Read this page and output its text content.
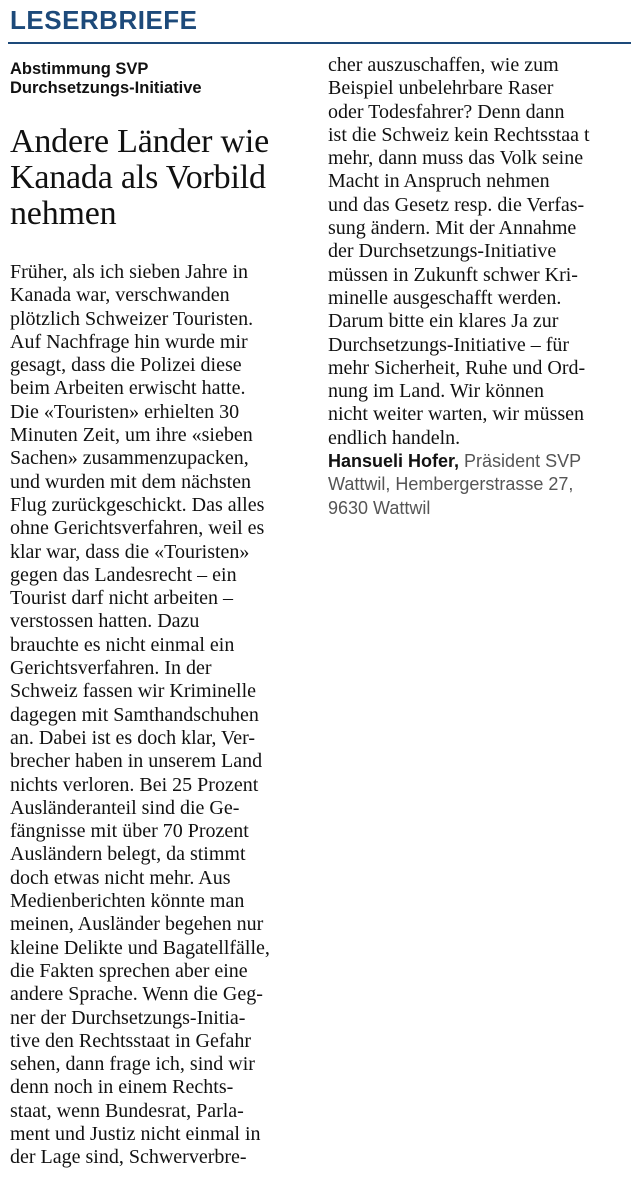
LESERBRIEFE

Abstimmung SVP
Durchsetzungs-Initiative

Andere Länder wie
Kanada als Vorbild
nehmen

Früher, als ich sieben Jahre in
Kanada war, verschwanden
plötzlich Schweizer Touristen.
Auf Nachfrage hin wurde mir
gesagt, dass die Polizei diese
beim Arbeiten erwischt hatte.
Die «Touristen» erhielten 30
Minuten Zeit, um ihre «sieben
Sachen» zusammenzupacken,
und wurden mit dem nächsten
Flug zurückgeschickt. Das alles
ohne Gerichtsverfahren, weil es
klar war, dass die «Touristen»
gegen das Landesrecht – ein
Tourist darf nicht arbeiten –
verstossen hatten. Dazu
brauchte es nicht einmal ein
Gerichtsverfahren. In der
Schweiz fassen wir Kriminelle
dagegen mit Samthandschuhen
an. Dabei ist es doch klar, Ver-
brecher haben in unserem Land
nichts verloren. Bei 25 Prozent
Ausländeranteil sind die Ge-
fängnisse mit über 70 Prozent
Ausländern belegt, da stimmt
doch etwas nicht mehr. Aus
Medienberichten könnte man
meinen, Ausländer begehen nur
kleine Delikte und Bagatellfälle,
die Fakten sprechen aber eine
andere Sprache. Wenn die Geg-
ner der Durchsetzungs-Initia-
tive den Rechtsstaat in Gefahr
sehen, dann frage ich, sind wir
denn noch in einem Rechts-
staat, wenn Bundesrat, Parla-
ment und Justiz nicht einmal in
der Lage sind, Schwerverbre-

cher auszuschaffen, wie zum
Beispiel unbelehrbare Raser
oder Todesfahrer? Denn dann
ist die Schweiz kein Rechtsstaa t
mehr, dann muss das Volk seine
Macht in Anspruch nehmen
und das Gesetz resp. die Verfas-
sung ändern. Mit der Annahme
der Durchsetzungs-Initiative
müssen in Zukunft schwer Kri-
minelle ausgeschafft werden.
Darum bitte ein klares Ja zur
Durchsetzungs-Initiative – für
mehr Sicherheit, Ruhe und Ord-
nung im Land. Wir können
nicht weiter warten, wir müssen
endlich handeln.

Hansueli Hofer, Präsident SVP
Wattwil, Hembergerstrasse 27,
9630 Wattwil
